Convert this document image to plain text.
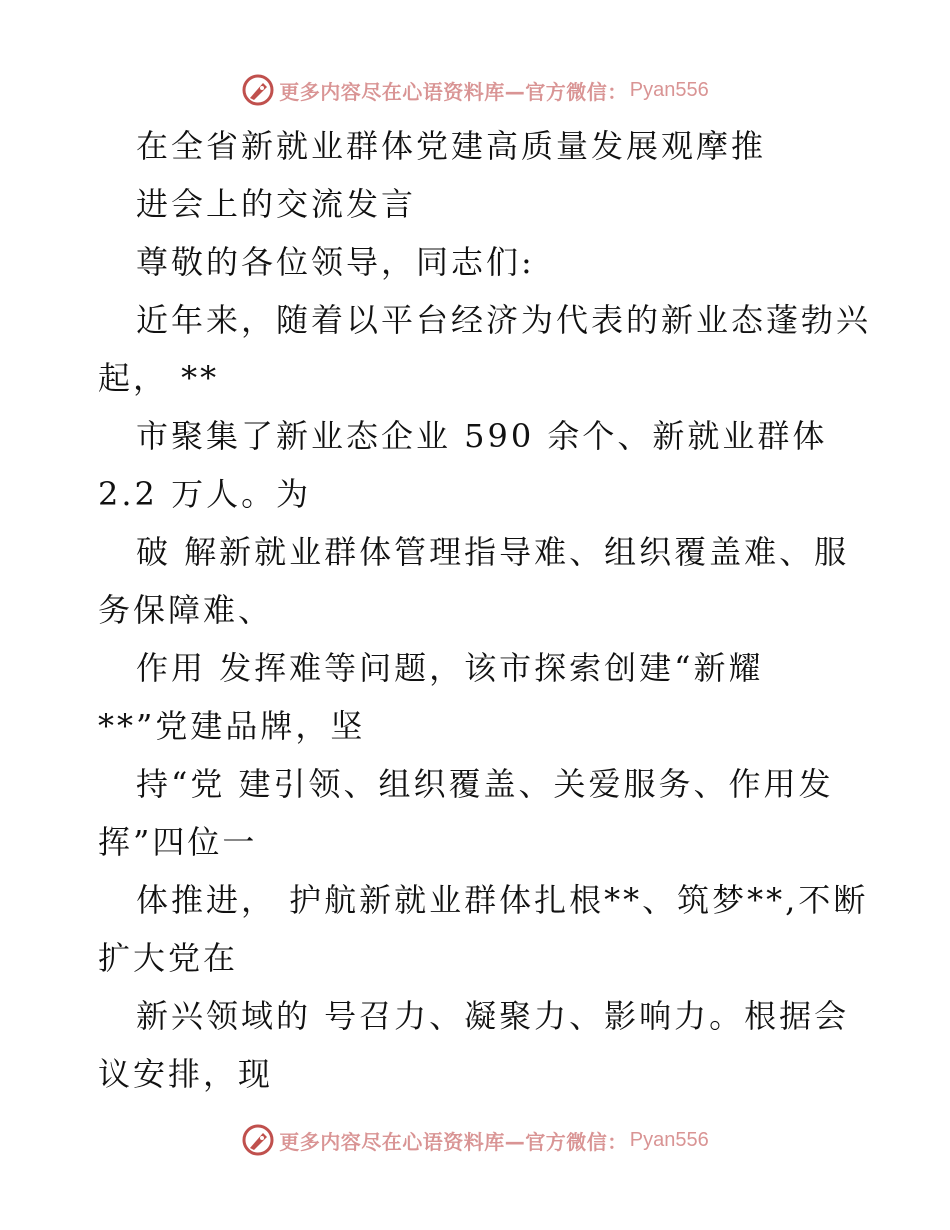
更多内容尽在心语资料库—官方微信： Pyan556
在全省新就业群体党建高质量发展观摩推
进会上的交流发言
尊敬的各位领导，同志们:
近年来，随着以平台经济为代表的新业态蓬勃兴
起， **
市聚集了新业态企业 590 余个、新就业群体
2.2 万人。为
破 解新就业群体管理指导难、组织覆盖难、服
务保障难、
作用 发挥难等问题，该市探索创建“新耀
**”党建品牌，坚
持“党 建引领、组织覆盖、关爱服务、作用发
挥”四位一
体推进， 护航新就业群体扎根**、筑梦**,不断
扩大党在
新兴领域的 号召力、凝聚力、影响力。根据会
议安排，现
更多内容尽在心语资料库—官方微信： Pyan556
